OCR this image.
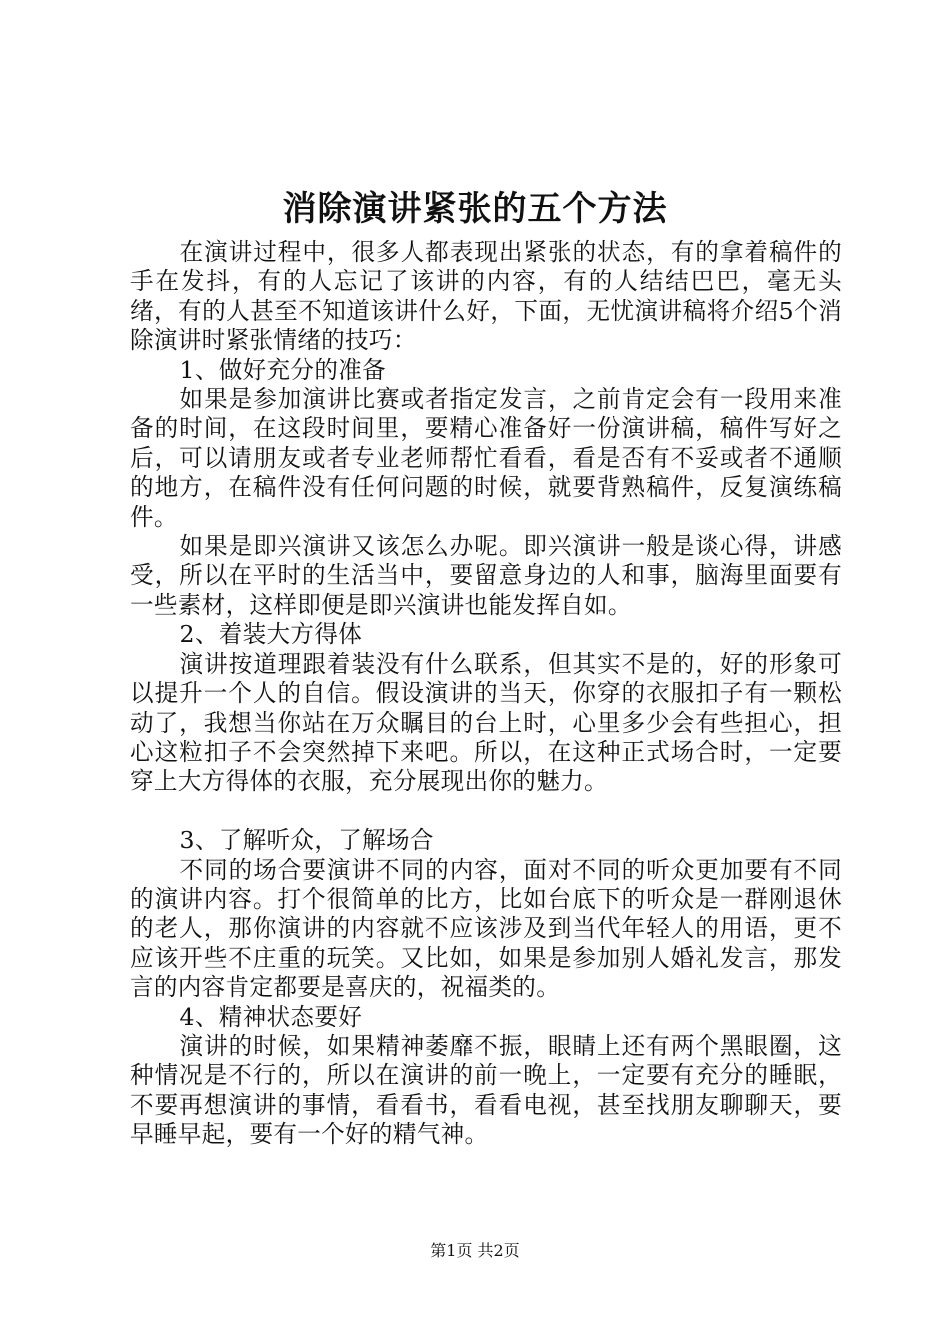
消除演讲紧张的五个方法

在演讲过程中，很多人都表现出紧张的状态，有的拿着稿件的手在发抖，有的人忘记了该讲的内容，有的人结结巴巴，毫无头绪，有的人甚至不知道该讲什么好，下面，无忧演讲稿将介绍5个消除演讲时紧张情绪的技巧：

1、做好充分的准备

如果是参加演讲比赛或者指定发言，之前肯定会有一段用来准备的时间，在这段时间里，要精心准备好一份演讲稿，稿件写好之后，可以请朋友或者专业老师帮忙看看，看是否有不妥或者不通顺的地方，在稿件没有任何问题的时候，就要背熟稿件，反复演练稿件。

如果是即兴演讲又该怎么办呢。即兴演讲一般是谈心得，讲感受，所以在平时的生活当中，要留意身边的人和事，脑海里面要有一些素材，这样即便是即兴演讲也能发挥自如。

2、着装大方得体

演讲按道理跟着装没有什么联系，但其实不是的，好的形象可以提升一个人的自信。假设演讲的当天，你穿的衣服扣子有一颗松动了，我想当你站在万众瞩目的台上时，心里多少会有些担心，担心这粒扣子不会突然掉下来吧。所以，在这种正式场合时，一定要穿上大方得体的衣服，充分展现出你的魅力。

3、了解听众，了解场合

不同的场合要演讲不同的内容，面对不同的听众更加要有不同的演讲内容。打个很简单的比方，比如台底下的听众是一群刚退休的老人，那你演讲的内容就不应该涉及到当代年轻人的用语，更不应该开些不庄重的玩笑。又比如，如果是参加别人婚礼发言，那发言的内容肯定都要是喜庆的，祝福类的。

4、精神状态要好

演讲的时候，如果精神萎靡不振，眼睛上还有两个黑眼圈，这种情况是不行的，所以在演讲的前一晚上，一定要有充分的睡眠，不要再想演讲的事情，看看书，看看电视，甚至找朋友聊聊天，要早睡早起，要有一个好的精气神。

第1页 共2页
